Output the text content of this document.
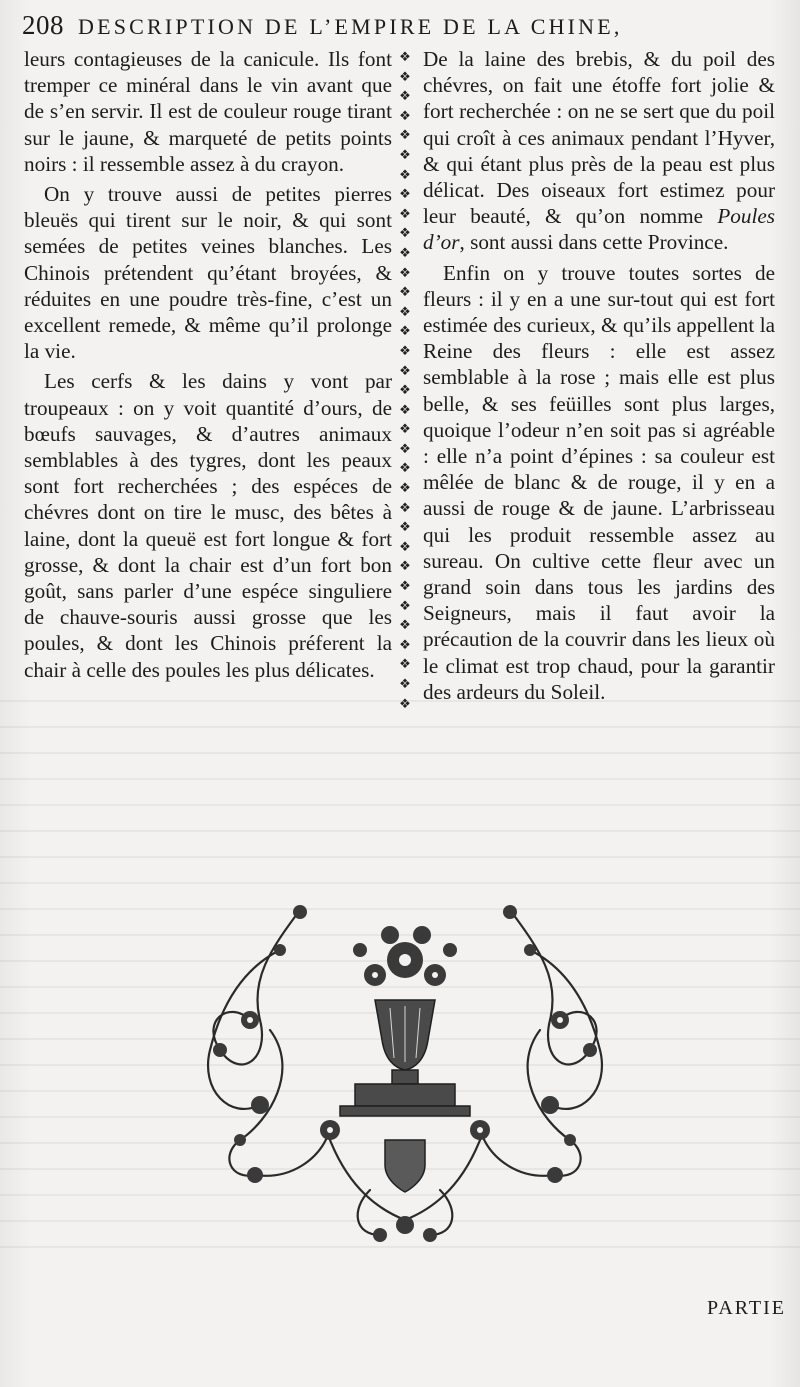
208 DESCRIPTION DE L’EMPIRE DE LA CHINE,

leurs contagieuses de la canicule. Ils font tremper ce minéral dans le vin avant que de s’en servir. Il est de couleur rouge tirant sur le jaune, & marqueté de petits points noirs : il ressemble assez à du crayon.

On y trouve aussi de petites pierres bleuës qui tirent sur le noir, & qui sont semées de petites veines blanches. Les Chinois prétendent qu’étant broyées, & réduites en une poudre très-fine, c’est un excellent remede, & même qu’il prolonge la vie.

Les cerfs & les dains y vont par troupeaux : on y voit quantité d’ours, de bœufs sauvages, & d’autres animaux semblables à des tygres, dont les peaux sont fort recherchées ; des espéces de chévres dont on tire le musc, des bêtes à laine, dont la queuë est fort longue & fort grosse, & dont la chair est d’un fort bon goût, sans parler d’une espéce singuliere de chauve-souris aussi grosse que les poules, & dont les Chinois préferent la chair à celle des poules les plus délicates.

❖
❖
❖
❖
❖
❖
❖
❖
❖
❖
❖
❖
❖
❖
❖
❖
❖
❖
❖
❖
❖
❖
❖
❖
❖
❖
❖
❖
❖
❖
❖
❖
❖
❖

De la laine des brebis, & du poil des chévres, on fait une étoffe fort jolie & fort recherchée : on ne se sert que du poil qui croît à ces animaux pendant l’Hyver, & qui étant plus près de la peau est plus délicat. Des oiseaux fort estimez pour leur beauté, & qu’on nomme Poules d’or, sont aussi dans cette Province.

Enfin on y trouve toutes sortes de fleurs : il y en a une sur-tout qui est fort estimée des curieux, & qu’ils appellent la Reine des fleurs : elle est assez semblable à la rose ; mais elle est plus belle, & ses feüilles sont plus larges, quoique l’odeur n’en soit pas si agréable : elle n’a point d’épines : sa couleur est mêlée de blanc & de rouge, il y en a aussi de rouge & de jaune. L’arbrisseau qui les produit ressemble assez au sureau. On cultive cette fleur avec un grand soin dans tous les jardins des Seigneurs, mais il faut avoir la précaution de la couvrir dans les lieux où le climat est trop chaud, pour la garantir des ardeurs du Soleil.

PARTIE
